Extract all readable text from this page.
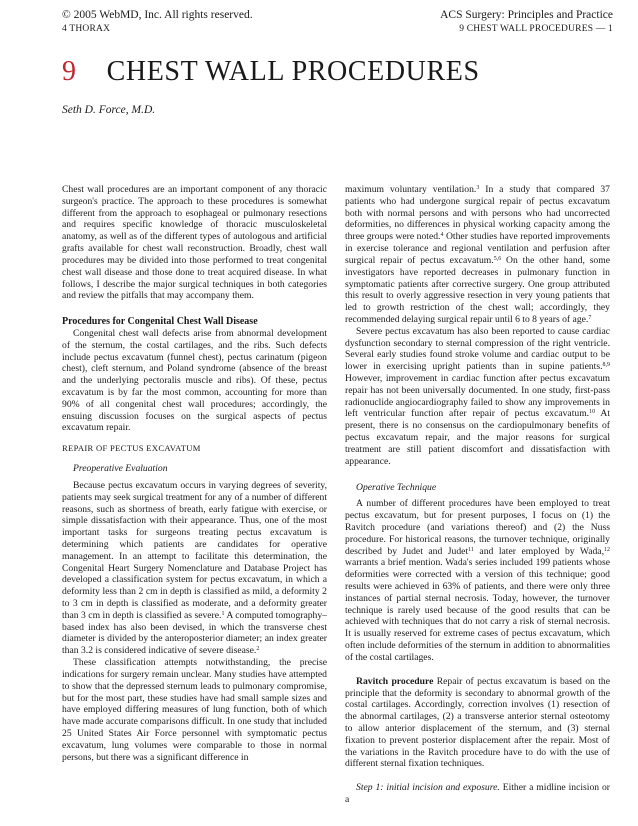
© 2005 WebMD, Inc. All rights reserved.
4 THORAX
ACS Surgery: Principles and Practice
9 CHEST WALL PROCEDURES — 1
9 CHEST WALL PROCEDURES
Seth D. Force, M.D.

Chest wall procedures are an important component of any thoracic surgeon's practice. The approach to these procedures is somewhat different from the approach to esophageal or pulmonary resections and requires specific knowledge of thoracic musculoskeletal anatomy, as well as of the different types of autologous and artificial grafts available for chest wall reconstruction. Broadly, chest wall procedures may be divided into those performed to treat congenital chest wall disease and those done to treat acquired disease. In what follows, I describe the major surgical techniques in both categories and review the pitfalls that may accompany them.

Procedures for Congenital Chest Wall Disease

Congenital chest wall defects arise from abnormal development of the sternum, the costal cartilages, and the ribs. Such defects include pectus excavatum (funnel chest), pectus carinatum (pigeon chest), cleft sternum, and Poland syndrome (absence of the breast and the underlying pectoralis muscle and ribs). Of these, pectus excavatum is by far the most common, accounting for more than 90% of all congenital chest wall procedures; accordingly, the ensuing discussion focuses on the surgical aspects of pectus excavatum repair.

REPAIR OF PECTUS EXCAVATUM
Preoperative Evaluation

Because pectus excavatum occurs in varying degrees of severity, patients may seek surgical treatment for any of a number of different reasons, such as shortness of breath, early fatigue with exercise, or simple dissatisfaction with their appearance. Thus, one of the most important tasks for surgeons treating pectus excavatum is determining which patients are candidates for operative management. In an attempt to facilitate this determination, the Congenital Heart Surgery Nomenclature and Database Project has developed a classification system for pectus excavatum, in which a deformity less than 2 cm in depth is classified as mild, a deformity 2 to 3 cm in depth is classified as moderate, and a deformity greater than 3 cm in depth is classified as severe.$^1$ A computed tomography–based index has also been devised, in which the transverse chest diameter is divided by the anteroposterior diameter; an index greater than 3.2 is considered indicative of severe disease.$^2$

These classification attempts notwithstanding, the precise indications for surgery remain unclear. Many studies have attempted to show that the depressed sternum leads to pulmonary compromise, but for the most part, these studies have had small sample sizes and have employed differing measures of lung function, both of which have made accurate comparisons difficult. In one study that included 25 United States Air Force personnel with symptomatic pectus excavatum, lung volumes were comparable to those in normal persons, but there was a significant difference in

maximum voluntary ventilation.$^3$ In a study that compared 37 patients who had undergone surgical repair of pectus excavatum both with normal persons and with persons who had uncorrected deformities, no differences in physical working capacity among the three groups were noted.$^4$ Other studies have reported improvements in exercise tolerance and regional ventilation and perfusion after surgical repair of pectus excavatum.$^{5,6}$ On the other hand, some investigators have reported decreases in pulmonary function in symptomatic patients after corrective surgery. One group attributed this result to overly aggressive resection in very young patients that led to growth restriction of the chest wall; accordingly, they recommended delaying surgical repair until 6 to 8 years of age.$^7$

Severe pectus excavatum has also been reported to cause cardiac dysfunction secondary to sternal compression of the right ventricle. Several early studies found stroke volume and cardiac output to be lower in exercising upright patients than in supine patients.$^{8,9}$ However, improvement in cardiac function after pectus excavatum repair has not been universally documented. In one study, first-pass radionuclide angiocardiography failed to show any improvements in left ventricular function after repair of pectus excavatum.$^{10}$ At present, there is no consensus on the cardiopulmonary benefits of pectus excavatum repair, and the major reasons for surgical treatment are still patient discomfort and dissatisfaction with appearance.

Operative Technique

A number of different procedures have been employed to treat pectus excavatum, but for present purposes, I focus on (1) the Ravitch procedure (and variations thereof) and (2) the Nuss procedure. For historical reasons, the turnover technique, originally described by Judet and Judet$^{11}$ and later employed by Wada,$^{12}$ warrants a brief mention. Wada's series included 199 patients whose deformities were corrected with a version of this technique; good results were achieved in 63% of patients, and there were only three instances of partial sternal necrosis. Today, however, the turnover technique is rarely used because of the good results that can be achieved with techniques that do not carry a risk of sternal necrosis. It is usually reserved for extreme cases of pectus excavatum, which often include deformities of the sternum in addition to abnormalities of the costal cartilages.

Ravitch procedure Repair of pectus excavatum is based on the principle that the deformity is secondary to abnormal growth of the costal cartilages. Accordingly, correction involves (1) resection of the abnormal cartilages, (2) a transverse anterior sternal osteotomy to allow anterior displacement of the sternum, and (3) sternal fixation to prevent posterior displacement after the repair. Most of the variations in the Ravitch procedure have to do with the use of different sternal fixation techniques.

Step 1: initial incision and exposure. Either a midline incision or a
